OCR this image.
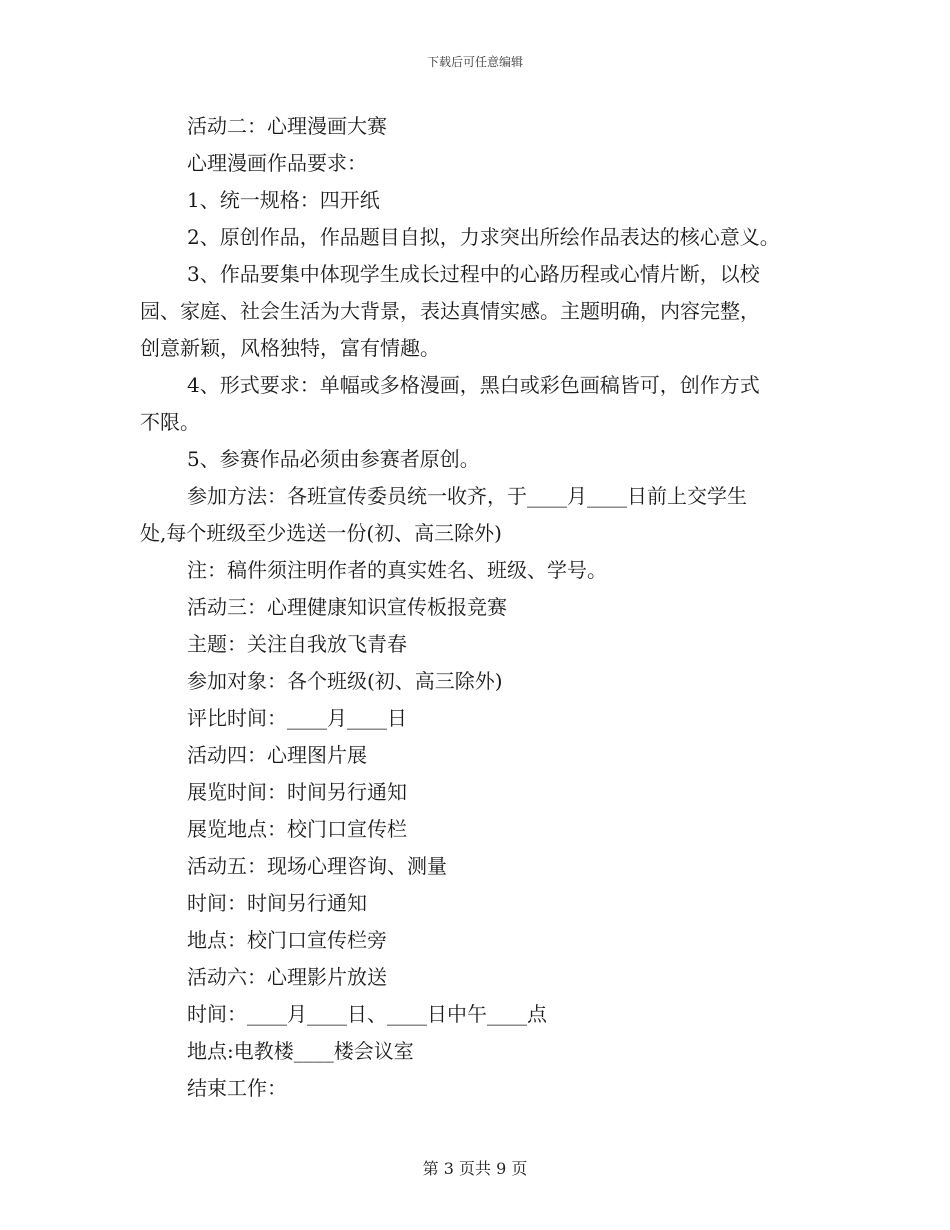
下载后可任意编辑
活动二：心理漫画大赛
心理漫画作品要求：
1、统一规格：四开纸
2、原创作品，作品题目自拟，力求突出所绘作品表达的核心意义。
3、作品要集中体现学生成长过程中的心路历程或心情片断，以校
园、家庭、社会生活为大背景，表达真情实感。主题明确，内容完整，
创意新颖，风格独特，富有情趣。
4、形式要求：单幅或多格漫画，黑白或彩色画稿皆可，创作方式
不限。
5、参赛作品必须由参赛者原创。
参加方法：各班宣传委员统一收齐，于____月____日前上交学生
处,每个班级至少选送一份(初、高三除外)
注：稿件须注明作者的真实姓名、班级、学号。
活动三：心理健康知识宣传板报竞赛
主题：关注自我放飞青春
参加对象：各个班级(初、高三除外)
评比时间：____月____日
活动四：心理图片展
展览时间：时间另行通知
展览地点：校门口宣传栏
活动五：现场心理咨询、测量
时间：时间另行通知
地点：校门口宣传栏旁
活动六：心理影片放送
时间：____月____日、____日中午____点
地点:电教楼____楼会议室
结束工作：
第 3 页共 9 页
